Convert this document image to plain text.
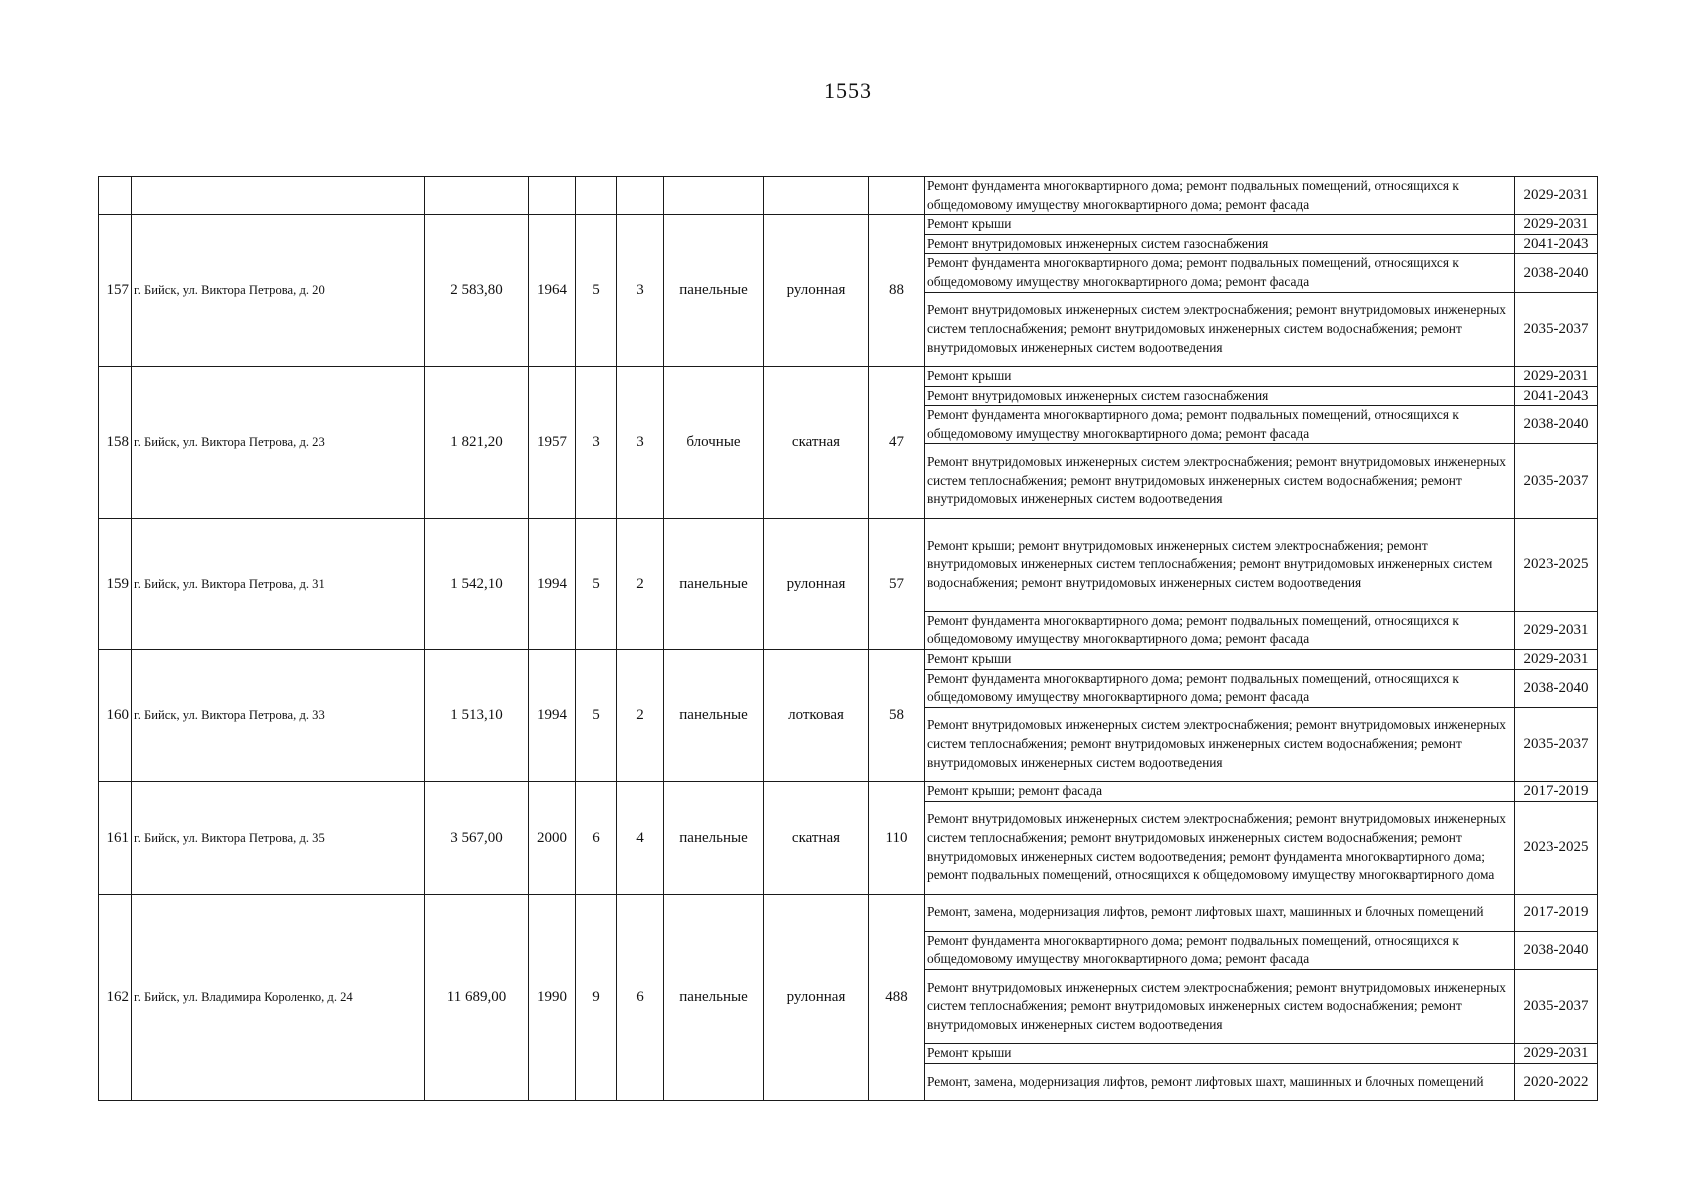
1553
									Ремонт фундамента многоквартирного дома; ремонт подвальных помещений, относящихся к общедомовому имуществу многоквартирного дома; ремонт фасада	2029-2031
157	г. Бийск, ул. Виктора Петрова, д. 20	2 583,80	1964	5	3	панельные	рулонная	88	Ремонт крыши	2029-2031
									Ремонт внутридомовых инженерных систем газоснабжения	2041-2043
									Ремонт фундамента многоквартирного дома; ремонт подвальных помещений, относящихся к общедомовому имуществу многоквартирного дома; ремонт фасада	2038-2040
									Ремонт внутридомовых инженерных систем электроснабжения; ремонт внутридомовых инженерных систем теплоснабжения; ремонт внутридомовых инженерных систем водоснабжения; ремонт внутридомовых инженерных систем водоотведения	2035-2037
158	г. Бийск, ул. Виктора Петрова, д. 23	1 821,20	1957	3	3	блочные	скатная	47	Ремонт крыши	2029-2031
									Ремонт внутридомовых инженерных систем газоснабжения	2041-2043
									Ремонт фундамента многоквартирного дома; ремонт подвальных помещений, относящихся к общедомовому имуществу многоквартирного дома; ремонт фасада	2038-2040
									Ремонт внутридомовых инженерных систем электроснабжения; ремонт внутридомовых инженерных систем теплоснабжения; ремонт внутридомовых инженерных систем водоснабжения; ремонт внутридомовых инженерных систем водоотведения	2035-2037
159	г. Бийск, ул. Виктора Петрова, д. 31	1 542,10	1994	5	2	панельные	рулонная	57	Ремонт крыши; ремонт внутридомовых инженерных систем электроснабжения; ремонт внутридомовых инженерных систем теплоснабжения; ремонт внутридомовых инженерных систем водоснабжения; ремонт внутридомовых инженерных систем водоотведения	2023-2025
									Ремонт фундамента многоквартирного дома; ремонт подвальных помещений, относящихся к общедомовому имуществу многоквартирного дома; ремонт фасада	2029-2031
160	г. Бийск, ул. Виктора Петрова, д. 33	1 513,10	1994	5	2	панельные	лотковая	58	Ремонт крыши	2029-2031
									Ремонт фундамента многоквартирного дома; ремонт подвальных помещений, относящихся к общедомовому имуществу многоквартирного дома; ремонт фасада	2038-2040
									Ремонт внутридомовых инженерных систем электроснабжения; ремонт внутридомовых инженерных систем теплоснабжения; ремонт внутридомовых инженерных систем водоснабжения; ремонт внутридомовых инженерных систем водоотведения	2035-2037
161	г. Бийск, ул. Виктора Петрова, д. 35	3 567,00	2000	6	4	панельные	скатная	110	Ремонт крыши; ремонт фасада	2017-2019
									Ремонт внутридомовых инженерных систем электроснабжения; ремонт внутридомовых инженерных систем теплоснабжения; ремонт внутридомовых инженерных систем водоснабжения; ремонт внутридомовых инженерных систем водоотведения; ремонт фундамента многоквартирного дома; ремонт подвальных помещений, относящихся к общедомовому имуществу многоквартирного дома	2023-2025
162	г. Бийск, ул. Владимира Короленко, д. 24	11 689,00	1990	9	6	панельные	рулонная	488	Ремонт, замена, модернизация лифтов, ремонт лифтовых шахт, машинных и блочных помещений	2017-2019
									Ремонт фундамента многоквартирного дома; ремонт подвальных помещений, относящихся к общедомовому имуществу многоквартирного дома; ремонт фасада	2038-2040
									Ремонт внутридомовых инженерных систем электроснабжения; ремонт внутридомовых инженерных систем теплоснабжения; ремонт внутридомовых инженерных систем водоснабжения; ремонт внутридомовых инженерных систем водоотведения	2035-2037
									Ремонт крыши	2029-2031
									Ремонт, замена, модернизация лифтов, ремонт лифтовых шахт, машинных и блочных помещений	2020-2022
